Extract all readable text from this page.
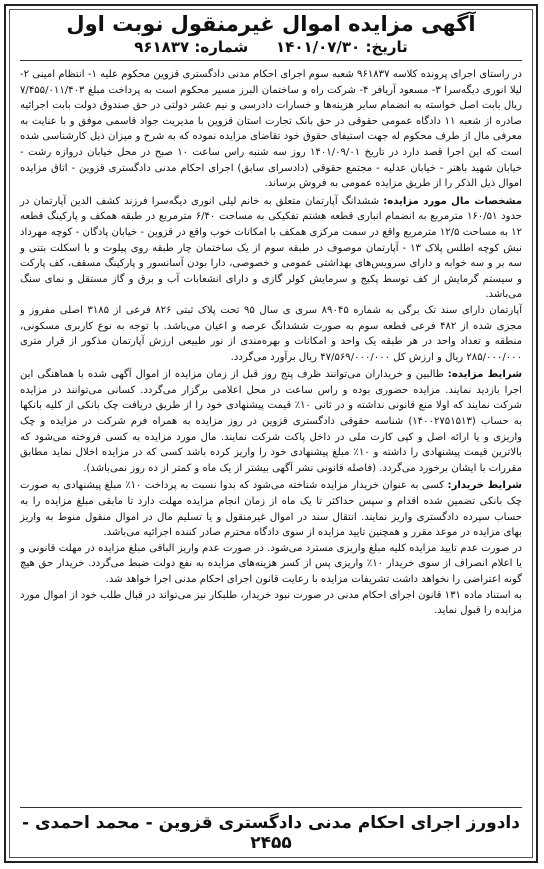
آگهی مزایده اموال غیرمنقول نوبت اول
تاریخ: ۱۴۰۱/۰۷/۳۰   شماره: ۹۶۱۸۳۷

در راستای اجرای پرونده کلاسه ۹۶۱۸۳۷ شعبه سوم اجرای احکام مدنی دادگستری قزوین محکوم علیه ۱- انتظام امینی ۲- لیلا انوری دیگه‌سرا ۳- مسعود آریافر ۴- شرکت راه و ساختمان البرز مسیر محکوم است به پرداخت مبلغ ۷/۴۵۵/۰۱۱/۴۰۳ ریال بابت اصل خواسته به انضمام سایر هزینه‌ها و خسارات دادرسی و نیم عشر دولتی در حق صندوق دولت بابت اجرائیه صادره از شعبه ۱۱ دادگاه عمومی حقوقی در حق بانک تجارت استان قزوین با مدیریت جواد قاسمی موفق و با عنایت به معرفی مال از طرف محکوم له جهت استیفای حقوق خود تقاضای مزایده نموده که به شرح و میزان ذیل کارشناسی شده است که این اجرا قصد دارد در تاریخ ۱۴۰۱/۰۹/۰۱ روز سه شنبه راس ساعت ۱۰ صبح در محل خیابان دروازه رشت - خیابان شهید باهنر - خیابان عدلیه - مجتمع حقوقی (دادسرای سابق) اجرای احکام مدنی دادگستری قزوین - اتاق مزایده اموال ذیل الذکر را از طریق مزایده عمومی به فروش برساند.

مشخصات مال مورد مزایده: ششدانگ آپارتمان متعلق به خانم لیلی انوری دیگه‌سرا فرزند کشف الدین آپارتمان در حدود ۱۶۰/۵۱ مترمربع به انضمام انباری قطعه هشتم تفکیکی به مساحت ۶/۴۰ مترمربع در طبقه همکف و پارکینگ قطعه ۱۲ به مساحت ۱۲/۵ مترمربع واقع در سمت مرکزی همکف با امکانات خوب واقع در قزوین - خیابان پادگان - کوچه مهرداد نبش کوچه اطلس پلاک ۱۳ - آپارتمان موصوف در طبقه سوم از یک ساختمان چار طبقه روی پیلوت و با اسکلت بتنی و سه بر و سه خوابه و دارای سرویس‌های بهداشتی عمومی و خصوصی، دارا بودن آسانسور و پارکینگ مسقف، کف پارکت و سیستم گرمایش از کف توسط پکیج و سرمایش کولر گازی و دارای انشعابات آب و برق و گاز مستقل و نمای سنگ می‌باشد.

آپارتمان دارای سند تک برگی به شماره ۸۹۰۴۵ سری ی سال ۹۵ تحت پلاک ثبتی ۸۲۶ فرعی از ۳۱۸۵ اصلی مفروز و مجزی شده از ۴۸۲ فرعی قطعه سوم به صورت ششدانگ عرصه و اعیان می‌باشد. با توجه به نوع کاربری مسکونی، منطقه و تعداد واحد در هر طبقه یک واحد و امکانات و بهره‌مندی از نور طبیعی ارزش آپارتمان مذکور از قرار متری ۲۸۵/۰۰۰/۰۰۰ ریال و ارزش کل ۴۷/۵۶۹/۰۰۰/۰۰۰ ریال برآورد می‌گردد.

شرایط مزایده: طالبین و خریداران می‌توانند ظرف پنج روز قبل از زمان مزایده از اموال آگهی شده با هماهنگی این اجرا بازدید نمایند. مزایده حضوری بوده و راس ساعت در محل اعلامی برگزار می‌گردد. کسانی می‌توانند در مزایده شرکت نمایند که اولا منع قانونی نداشته و در ثانی ۱۰٪ قیمت پیشنهادی خود را از طریق دریافت چک بانکی از کلیه بانکها به حساب (۱۴۰۰۲۷۵۱۵۱۳) شناسه حقوقی دادگستری قزوین در روز مزایده به همراه فرم شرکت در مزایده و چک واریزی و یا ارائه اصل و کپی کارت ملی در داخل پاکت شرکت نمایند. مال مورد مزایده به کسی فروخته می‌شود که بالاترین قیمت پیشنهادی را داشته و ۱۰٪ مبلغ پیشنهادی خود را واریز کرده باشد کسی که در مزایده اخلال نماید مطابق مقررات با ایشان برخورد می‌گردد. (فاصله قانونی نشر آگهی بیشتر از یک ماه و کمتر از ده روز نمی‌باشد).

شرایط خریدار: کسی به عنوان خریدار مزایده شناخته می‌شود که بدوا نسبت به پرداخت ۱۰٪ مبلغ پیشنهادی به صورت چک بانکی تضمین شده اقدام و سپس حداکثر تا یک ماه از زمان انجام مزایده مهلت دارد تا مابقی مبلغ مزایده را به حساب سپرده دادگستری واریز نمایند. انتقال سند در اموال غیرمنقول و یا تسلیم مال در اموال منقول منوط به واریز بهای مزایده در موعد مقرر و همچنین تایید مزایده از سوی دادگاه محترم صادر کننده اجرائیه می‌باشد.

در صورت عدم تایید مزایده کلیه مبلغ واریزی مسترد می‌شود. در صورت عدم واریز الباقی مبلغ مزایده در مهلت قانونی و یا اعلام انصراف از سوی خریدار ۱۰٪ واریزی پس از کسر هزینه‌های مزایده به نفع دولت ضبط می‌گردد. خریدار حق هیچ گونه اعتراضی را نخواهد داشت تشریفات مزایده با رعایت قانون اجرای احکام مدنی اجرا خواهد شد.

به استناد ماده ۱۳۱ قانون اجرای احکام مدنی در صورت نبود خریدار، طلبکار نیز می‌تواند در قبال طلب خود از اموال مورد مزایده را قبول نماید.

دادورز اجرای احکام مدنی دادگستری قزوین - محمد احمدی - ۲۴۵۵
